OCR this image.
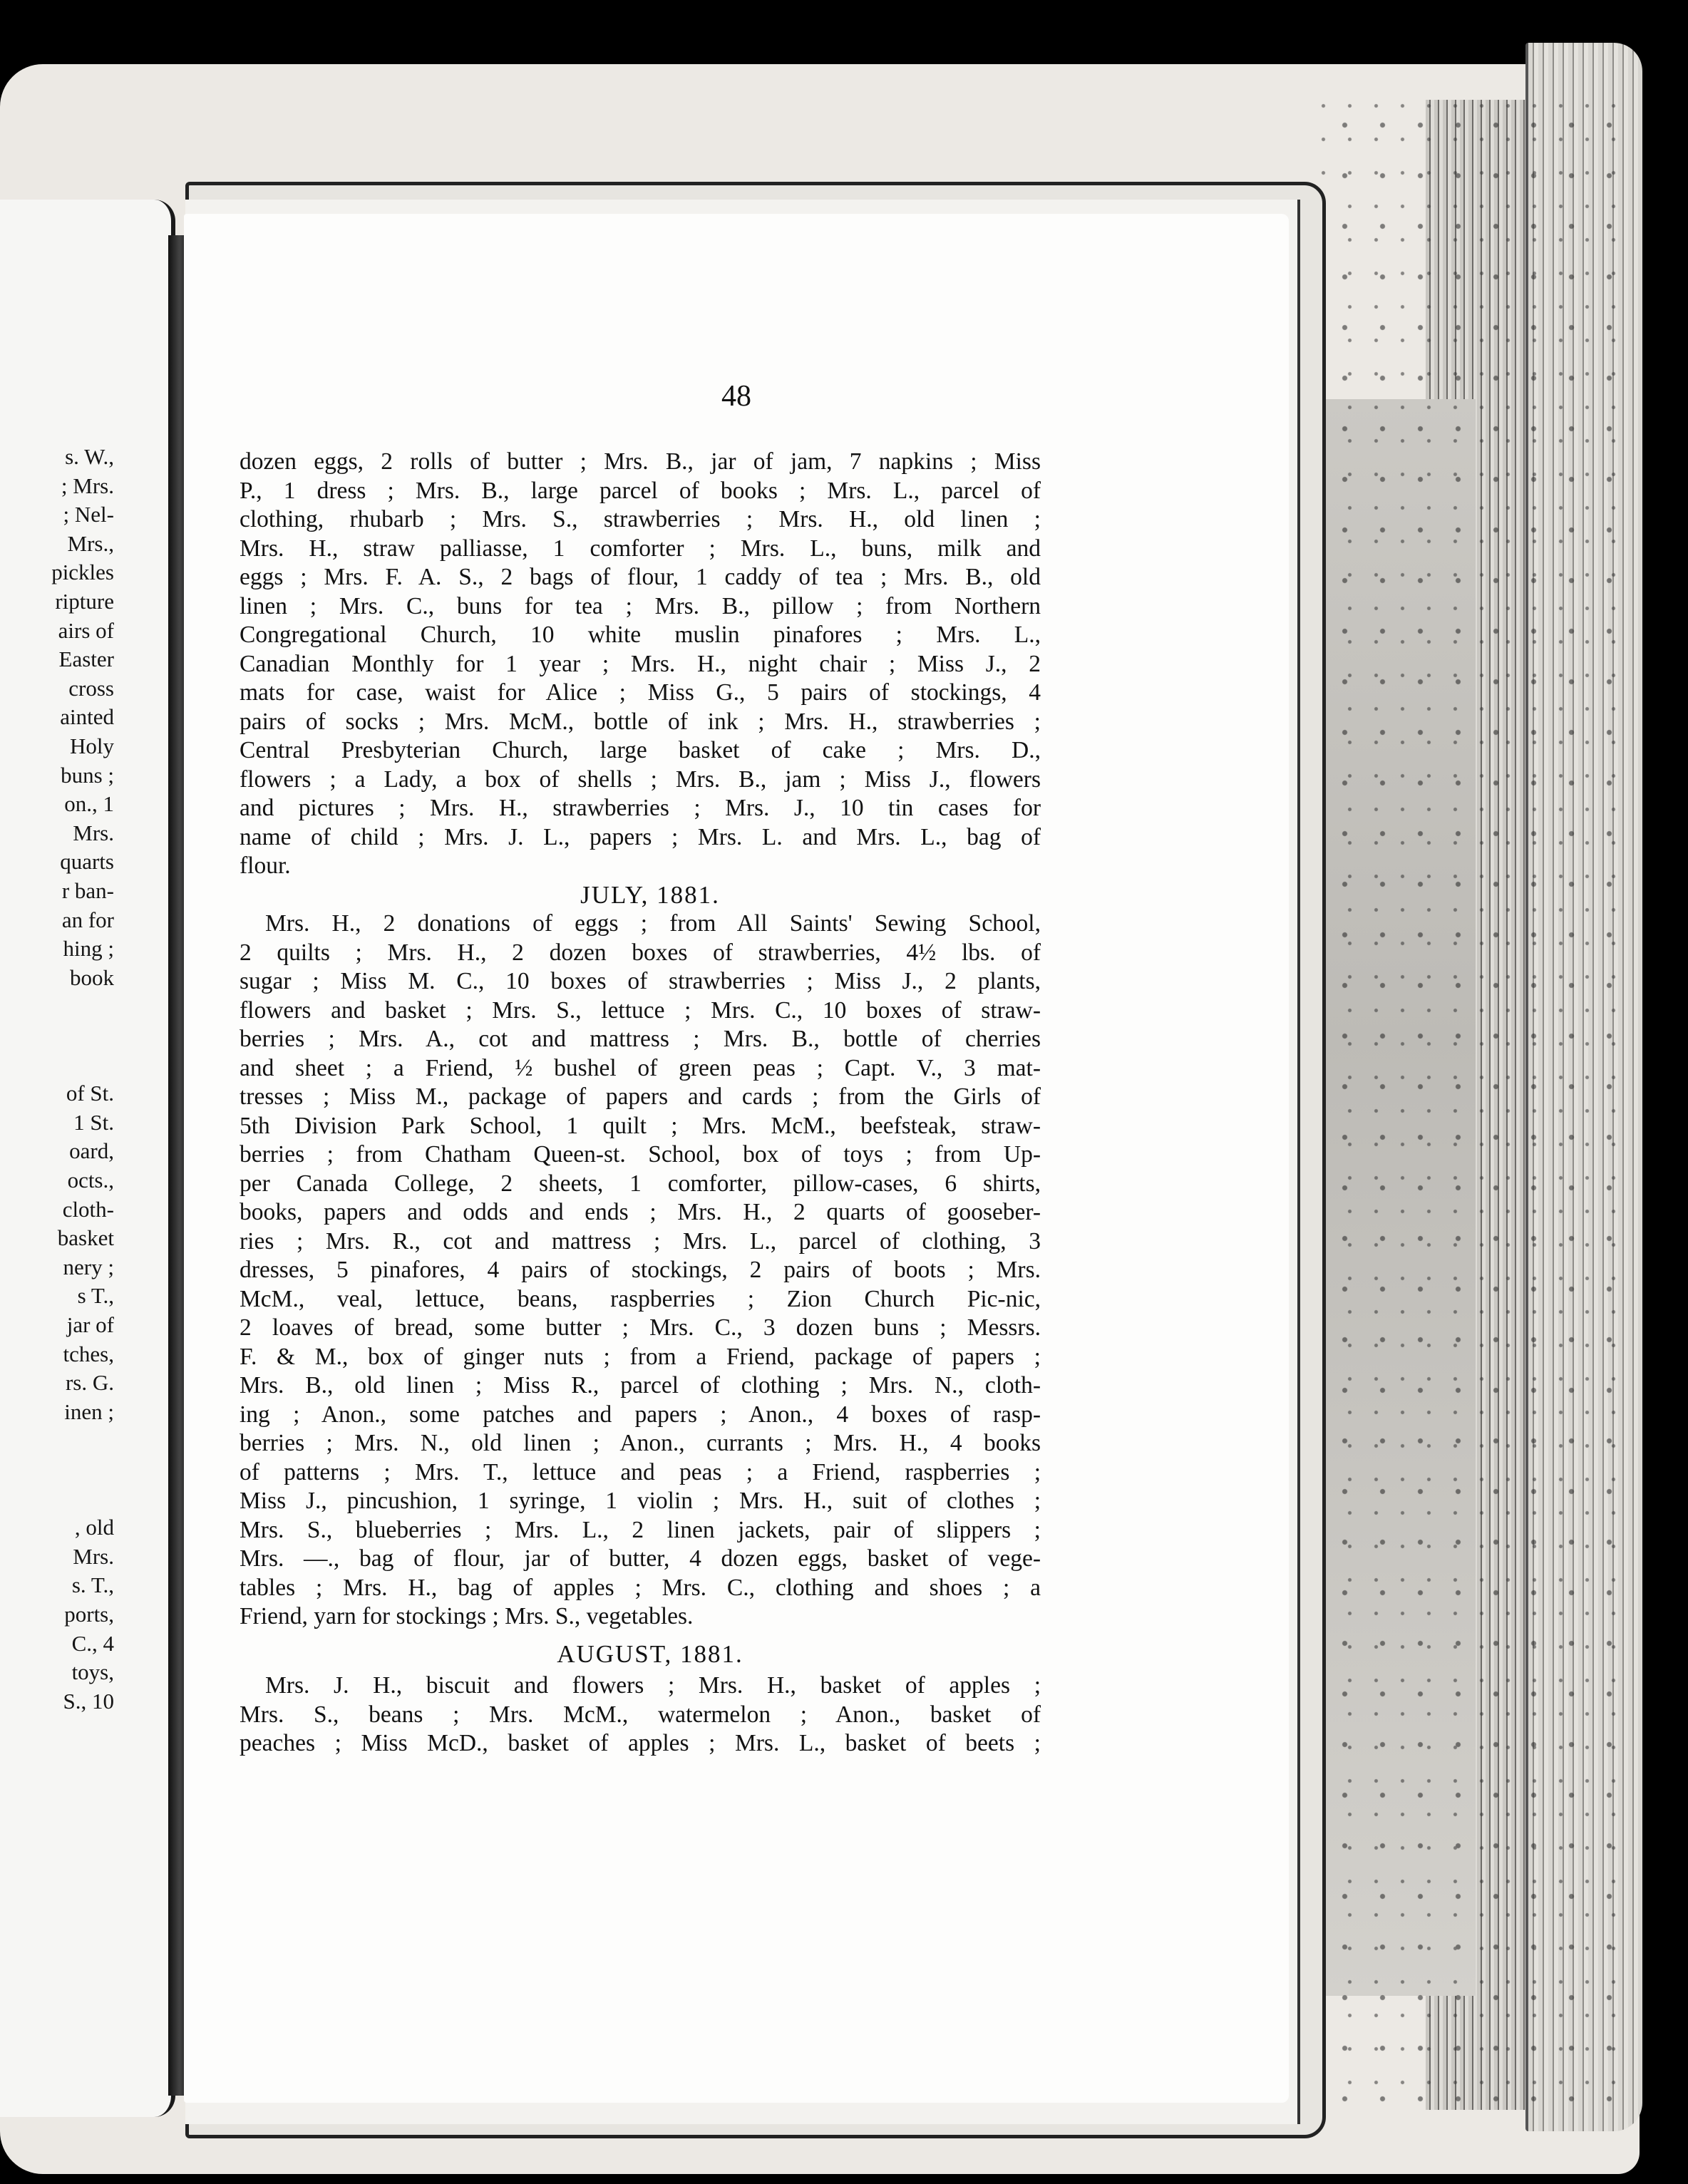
s. W.,
; Mrs.
; Nel-
Mrs.,
pickles
ripture
airs of
Easter
cross
ainted
Holy
buns ;
on., 1
Mrs.
quarts
r ban-
an for
hing ;
book
of St.
1 St.
oard,
octs.,
cloth-
basket
nery ;
s T.,
jar of
tches,
rs. G.
inen ;
, old
Mrs.
s. T.,
ports,
C., 4
toys,
S., 10
48
dozen eggs, 2 rolls of butter ; Mrs. B., jar of jam, 7 napkins ; Miss
P., 1 dress ; Mrs. B., large parcel of books ; Mrs. L., parcel of
clothing, rhubarb ; Mrs. S., strawberries ; Mrs. H., old linen ;
Mrs. H., straw palliasse, 1 comforter ; Mrs. L., buns, milk and
eggs ; Mrs. F. A. S., 2 bags of flour, 1 caddy of tea ; Mrs. B., old
linen ; Mrs. C., buns for tea ; Mrs. B., pillow ; from Northern
Congregational Church, 10 white muslin pinafores ; Mrs. L.,
Canadian Monthly for 1 year ; Mrs. H., night chair ; Miss J., 2
mats for case, waist for Alice ; Miss G., 5 pairs of stockings, 4
pairs of socks ; Mrs. McM., bottle of ink ; Mrs. H., strawberries ;
Central Presbyterian Church, large basket of cake ; Mrs. D.,
flowers ; a Lady, a box of shells ; Mrs. B., jam ; Miss J., flowers
and pictures ; Mrs. H., strawberries ; Mrs. J., 10 tin cases for
name of child ; Mrs. J. L., papers ; Mrs. L. and Mrs. L., bag of
flour.
JULY, 1881.
Mrs. H., 2 donations of eggs ; from All Saints' Sewing School,
2 quilts ; Mrs. H., 2 dozen boxes of strawberries, 4½ lbs. of
sugar ; Miss M. C., 10 boxes of strawberries ; Miss J., 2 plants,
flowers and basket ; Mrs. S., lettuce ; Mrs. C., 10 boxes of straw-
berries ; Mrs. A., cot and mattress ; Mrs. B., bottle of cherries
and sheet ; a Friend, ½ bushel of green peas ; Capt. V., 3 mat-
tresses ; Miss M., package of papers and cards ; from the Girls of
5th Division Park School, 1 quilt ; Mrs. McM., beefsteak, straw-
berries ; from Chatham Queen-st. School, box of toys ; from Up-
per Canada College, 2 sheets, 1 comforter, pillow-cases, 6 shirts,
books, papers and odds and ends ; Mrs. H., 2 quarts of gooseber-
ries ; Mrs. R., cot and mattress ; Mrs. L., parcel of clothing, 3
dresses, 5 pinafores, 4 pairs of stockings, 2 pairs of boots ; Mrs.
McM., veal, lettuce, beans, raspberries ; Zion Church Pic-nic,
2 loaves of bread, some butter ; Mrs. C., 3 dozen buns ; Messrs.
F. & M., box of ginger nuts ; from a Friend, package of papers ;
Mrs. B., old linen ; Miss R., parcel of clothing ; Mrs. N., cloth-
ing ; Anon., some patches and papers ; Anon., 4 boxes of rasp-
berries ; Mrs. N., old linen ; Anon., currants ; Mrs. H., 4 books
of patterns ; Mrs. T., lettuce and peas ; a Friend, raspberries ;
Miss J., pincushion, 1 syringe, 1 violin ; Mrs. H., suit of clothes ;
Mrs. S., blueberries ; Mrs. L., 2 linen jackets, pair of slippers ;
Mrs. —., bag of flour, jar of butter, 4 dozen eggs, basket of vege-
tables ; Mrs. H., bag of apples ; Mrs. C., clothing and shoes ; a
Friend, yarn for stockings ; Mrs. S., vegetables.
AUGUST, 1881.
Mrs. J. H., biscuit and flowers ; Mrs. H., basket of apples ;
Mrs. S., beans ; Mrs. McM., watermelon ; Anon., basket of
peaches ; Miss McD., basket of apples ; Mrs. L., basket of beets ;
